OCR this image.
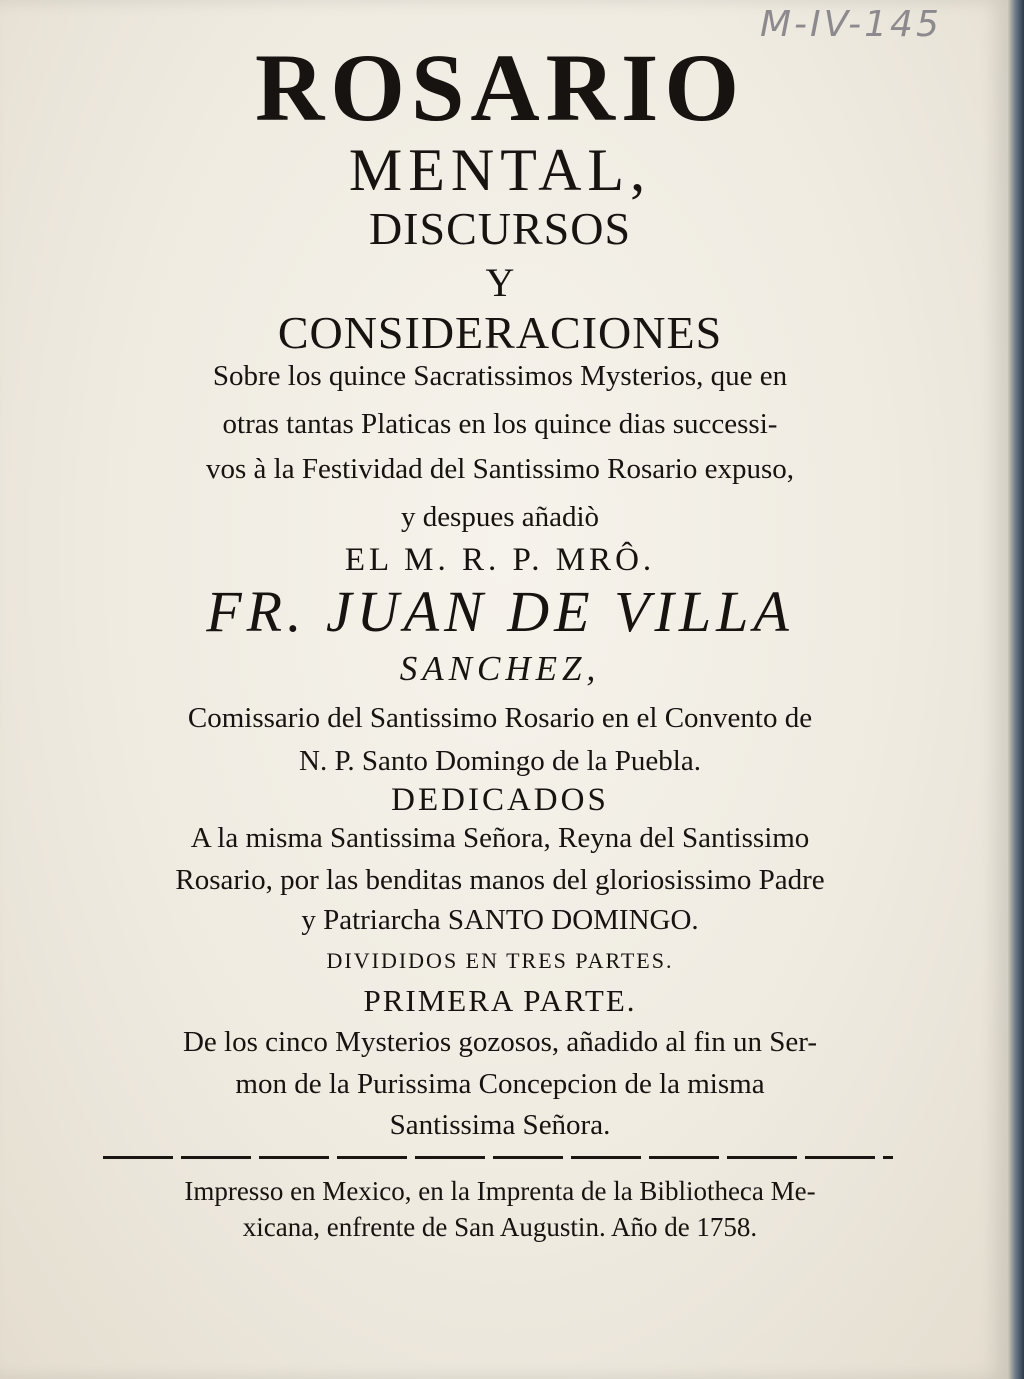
M-IV-145
ROSARIO
MENTAL,
DISCURSOS
Y
CONSIDERACIONES
Sobre los quince Sacratissimos Mysterios, que en
otras tantas Platicas en los quince dias successi-
vos à la Festividad del Santissimo Rosario expuso,
y despues añadiò
EL M. R. P. MRÔ.
FR. JUAN DE VILLA
SANCHEZ,
Comissario del Santissimo Rosario en el Convento de
N. P. Santo Domingo de la Puebla.
DEDICADOS
A la misma Santissima Señora, Reyna del Santissimo
Rosario, por las benditas manos del gloriosissimo Padre
y Patriarcha SANTO DOMINGO.
DIVIDIDOS EN TRES PARTES.
PRIMERA PARTE.
De los cinco Mysterios gozosos, añadido al fin un Ser-
mon de la Purissima Concepcion de la misma
Santissima Señora.
Impresso en Mexico, en la Imprenta de la Bibliotheca Me-
xicana, enfrente de San Augustin. Año de 1758.
